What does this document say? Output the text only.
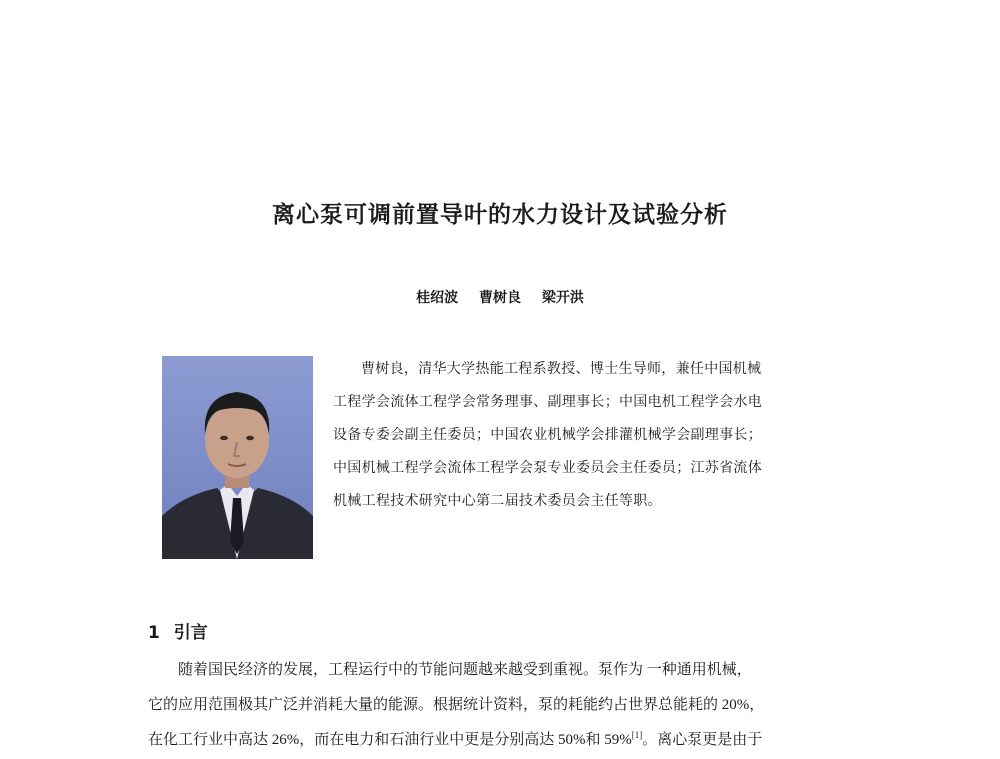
离心泵可调前置导叶的水力设计及试验分析
桂绍波 曹树良 梁开洪
曹树良，清华大学热能工程系教授、博士生导师，兼任中国机械
工程学会流体工程学会常务理事、副理事长；中国电机工程学会水电
设备专委会副主任委员；中国农业机械学会排灌机械学会副理事长；
中国机械工程学会流体工程学会泵专业委员会主任委员；江苏省流体
机械工程技术研究中心第二届技术委员会主任等职。
1 引言
随着国民经济的发展，工程运行中的节能问题越来越受到重视。泵作为 一种通用机械，
它的应用范围极其广泛并消耗大量的能源。根据统计资料，泵的耗能约占世界总能耗的 20%，
在化工行业中高达 26%，而在电力和石油行业中更是分别高达 50%和 59%[1]。离心泵更是由于
